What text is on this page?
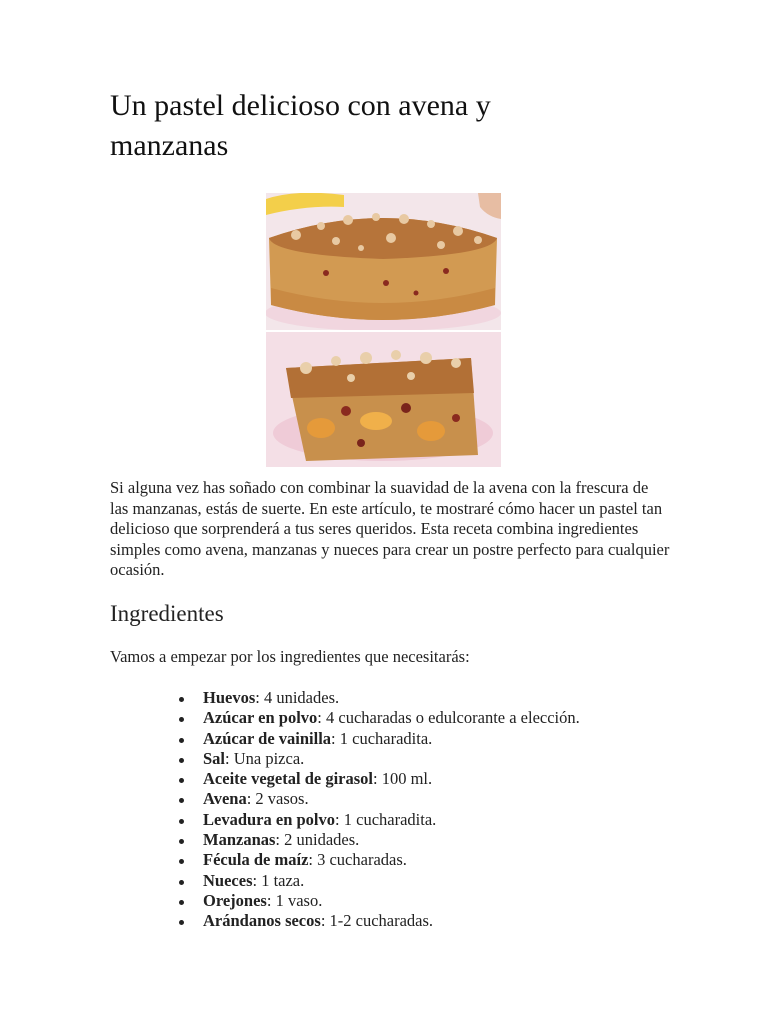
Un pastel delicioso con avena y manzanas

Si alguna vez has soñado con combinar la suavidad de la avena con la frescura de las manzanas, estás de suerte. En este artículo, te mostraré cómo hacer un pastel tan delicioso que sorprenderá a tus seres queridos. Esta receta combina ingredientes simples como avena, manzanas y nueces para crear un postre perfecto para cualquier ocasión.

Ingredientes

Vamos a empezar por los ingredientes que necesitarás:

Huevos: 4 unidades.
Azúcar en polvo: 4 cucharadas o edulcorante a elección.
Azúcar de vainilla: 1 cucharadita.
Sal: Una pizca.
Aceite vegetal de girasol: 100 ml.
Avena: 2 vasos.
Levadura en polvo: 1 cucharadita.
Manzanas: 2 unidades.
Fécula de maíz: 3 cucharadas.
Nueces: 1 taza.
Orejones: 1 vaso.
Arándanos secos: 1-2 cucharadas.
